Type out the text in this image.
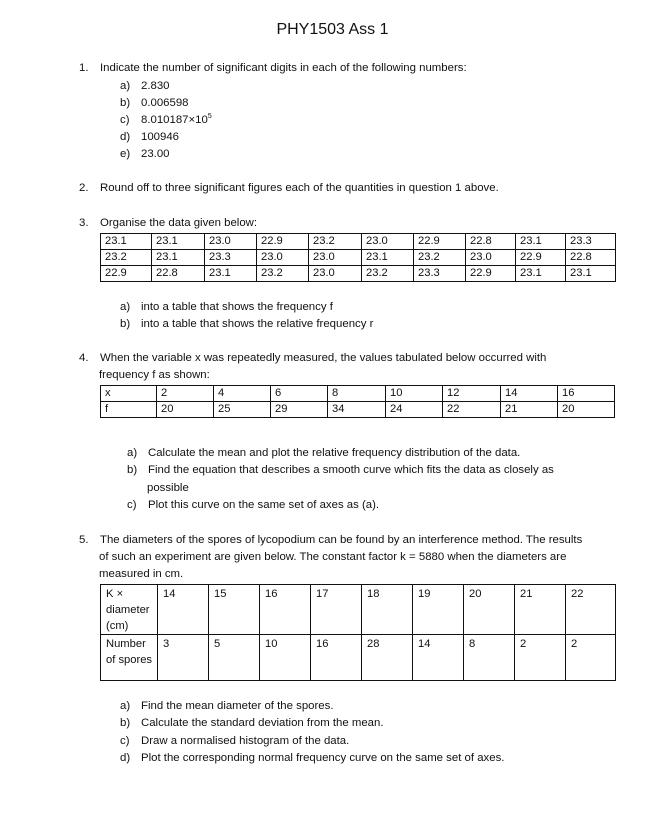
PHY1503 Ass 1
1. Indicate the number of significant digits in each of the following numbers:
a) 2.830
b) 0.006598
c) $8.010187\times 10^5$
d) 100946
e) 23.00
2. Round off to three significant figures each of the quantities in question 1 above.
3. Organise the data given below:
23.1	23.1	23.0	22.9	23.2	23.0	22.9	22.8	23.1	23.3
23.2	23.1	23.3	23.0	23.0	23.1	23.2	23.0	22.9	22.8
22.9	22.8	23.1	23.2	23.0	23.2	23.3	22.9	23.1	23.1
a) into a table that shows the frequency f
b) into a table that shows the relative frequency r
4. When the variable x was repeatedly measured, the values tabulated below occurred with
frequency f as shown:
x	2	4	6	8	10	12	14	16
f	20	25	29	34	24	22	21	20
a) Calculate the mean and plot the relative frequency distribution of the data.
b) Find the equation that describes a smooth curve which fits the data as closely as
possible
c) Plot this curve on the same set of axes as (a).
5. The diameters of the spores of lycopodium can be found by an interference method. The results
of such an experiment are given below. The constant factor k = 5880 when the diameters are
measured in cm.
K × diameter (cm)	14	15	16	17	18	19	20	21	22
Number of spores	3	5	10	16	28	14	8	2	2
a) Find the mean diameter of the spores.
b) Calculate the standard deviation from the mean.
c) Draw a normalised histogram of the data.
d) Plot the corresponding normal frequency curve on the same set of axes.
